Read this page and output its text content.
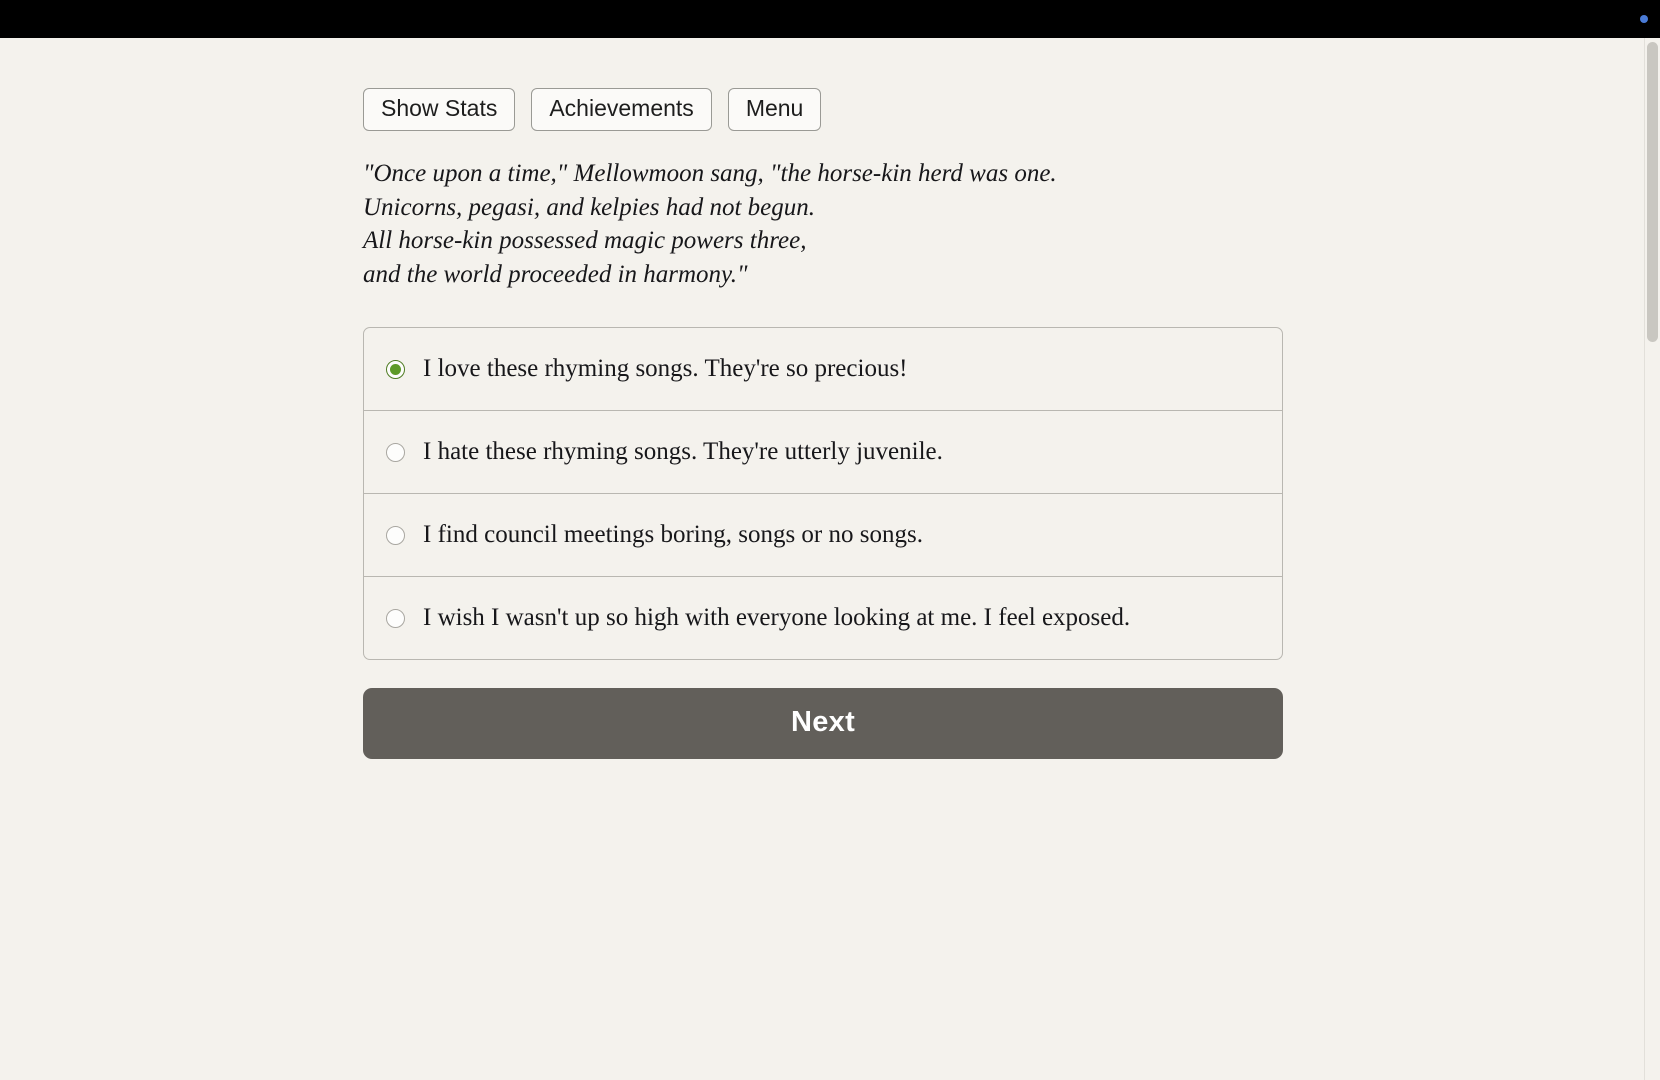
Show Stats	Achievements	Menu
"Once upon a time," Mellowmoon sang, "the horse-kin herd was one.
Unicorns, pegasi, and kelpies had not begun.
All horse-kin possessed magic powers three,
and the world proceeded in harmony."
I love these rhyming songs. They're so precious!
I hate these rhyming songs. They're utterly juvenile.
I find council meetings boring, songs or no songs.
I wish I wasn't up so high with everyone looking at me. I feel exposed.
Next
